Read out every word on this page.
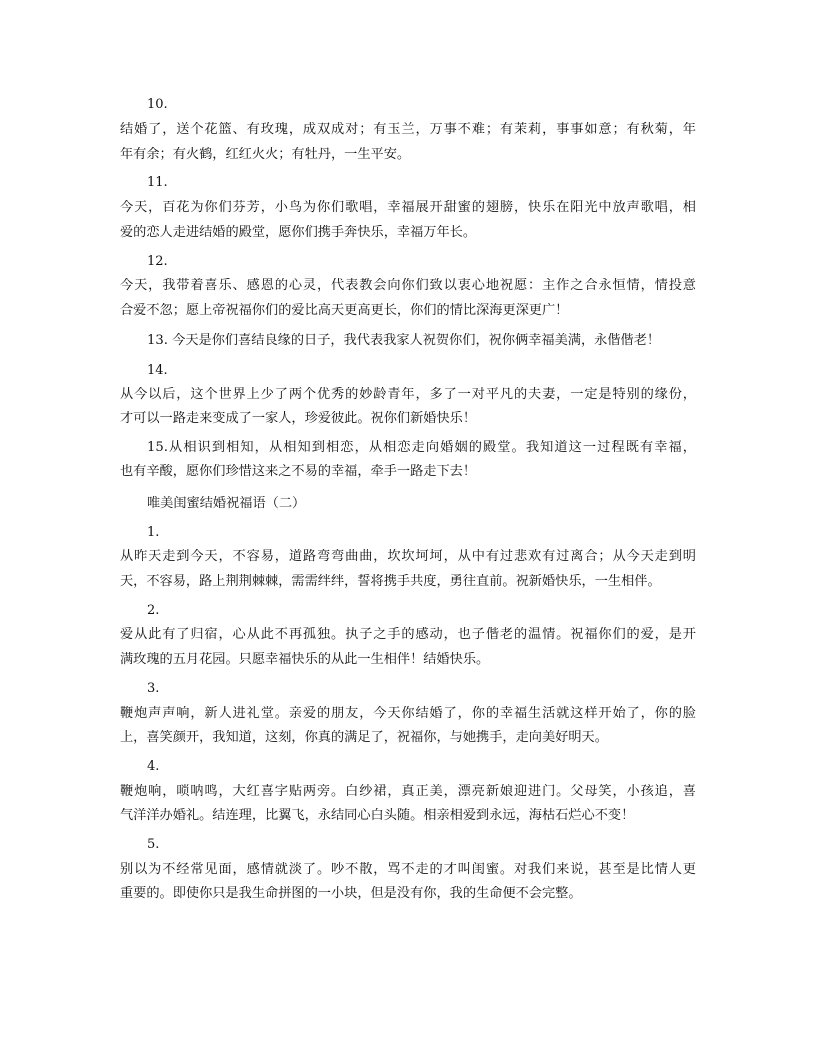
10.
结婚了，送个花篮、有玫瑰，成双成对；有玉兰，万事不难；有茉莉，事事如意；有秋菊，年
年有余；有火鹤，红红火火；有牡丹，一生平安。
11.
今天，百花为你们芬芳，小鸟为你们歌唱，幸福展开甜蜜的翅膀，快乐在阳光中放声歌唱，相
爱的恋人走进结婚的殿堂，愿你们携手奔快乐，幸福万年长。
12.
今天，我带着喜乐、感恩的心灵，代表教会向你们致以衷心地祝愿：主作之合永恒情，情投意
合爱不忽；愿上帝祝福你们的爱比高天更高更长，你们的情比深海更深更广！
13. 今天是你们喜结良缘的日子，我代表我家人祝贺你们，祝你俩幸福美满，永偕偕老！
14.
从今以后，这个世界上少了两个优秀的妙龄青年，多了一对平凡的夫妻，一定是特别的缘份，
才可以一路走来变成了一家人，珍爱彼此。祝你们新婚快乐！
15.从相识到相知，从相知到相恋，从相恋走向婚姻的殿堂。我知道这一过程既有幸福，
也有辛酸，愿你们珍惜这来之不易的幸福，牵手一路走下去！
唯美闺蜜结婚祝福语（二）
1.
从昨天走到今天，不容易，道路弯弯曲曲，坎坎坷坷，从中有过悲欢有过离合；从今天走到明
天，不容易，路上荆荆棘棘，需需绊绊，誓将携手共度，勇往直前。祝新婚快乐，一生相伴。
2.
爱从此有了归宿，心从此不再孤独。执子之手的感动，也子偕老的温情。祝福你们的爱，是开
满玫瑰的五月花园。只愿幸福快乐的从此一生相伴！结婚快乐。
3.
鞭炮声声响，新人进礼堂。亲爱的朋友，今天你结婚了，你的幸福生活就这样开始了，你的脸
上，喜笑颜开，我知道，这刻，你真的满足了，祝福你，与她携手，走向美好明天。
4.
鞭炮响，唢呐鸣，大红喜字贴两旁。白纱裙，真正美，漂亮新娘迎进门。父母笑，小孩追，喜
气洋洋办婚礼。结连理，比翼飞，永结同心白头随。相亲相爱到永远，海枯石烂心不变！
5.
别以为不经常见面，感情就淡了。吵不散，骂不走的才叫闺蜜。对我们来说，甚至是比情人更
重要的。即使你只是我生命拼图的一小块，但是没有你，我的生命便不会完整。
